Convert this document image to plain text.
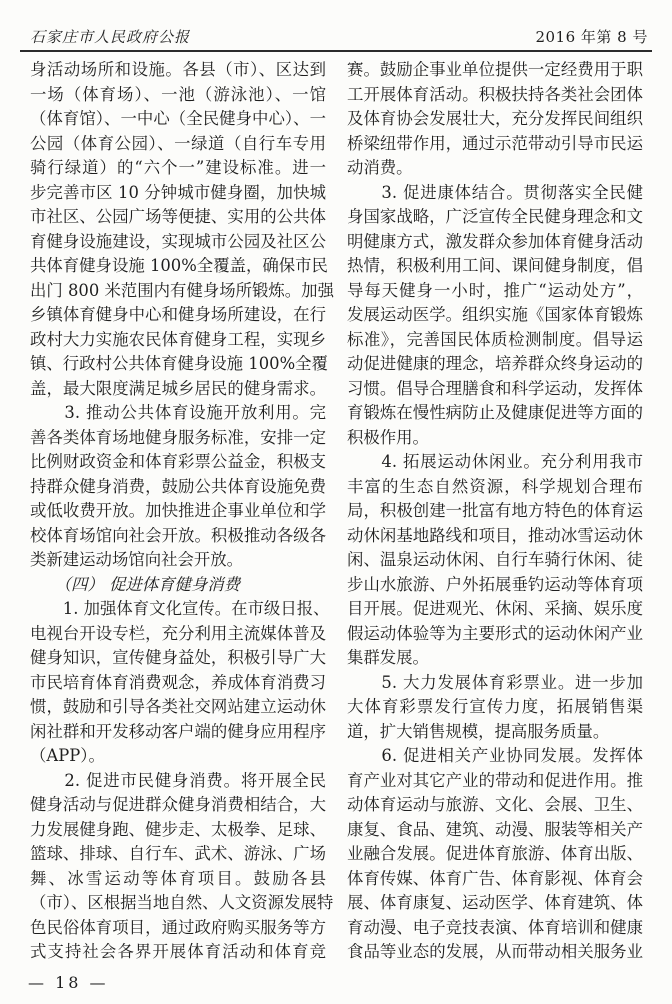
石家庄市人民政府公报	2016 年第 8 号
身活动场所和设施。各县（市）、区达到
一场（体育场）、一池（游泳池）、一馆
（体育馆）、一中心（全民健身中心）、一
公园（体育公园）、一绿道（自行车专用
骑行绿道）的“六个一”建设标准。进一
步完善市区 10 分钟城市健身圈，加快城
市社区、公园广场等便捷、实用的公共体
育健身设施建设，实现城市公园及社区公
共体育健身设施 100%全覆盖，确保市民
出门 800 米范围内有健身场所锻炼。加强
乡镇体育健身中心和健身场所建设，在行
政村大力实施农民体育健身工程，实现乡
镇、行政村公共体育健身设施 100%全覆
盖，最大限度满足城乡居民的健身需求。
　　3. 推动公共体育设施开放利用。完
善各类体育场地健身服务标准，安排一定
比例财政资金和体育彩票公益金，积极支
持群众健身消费，鼓励公共体育设施免费
或低收费开放。加快推进企事业单位和学
校体育场馆向社会开放。积极推动各级各
类新建运动场馆向社会开放。
　　（四） 促进体育健身消费
　　1. 加强体育文化宣传。在市级日报、
电视台开设专栏，充分利用主流媒体普及
健身知识，宣传健身益处，积极引导广大
市民培育体育消费观念，养成体育消费习
惯，鼓励和引导各类社交网站建立运动休
闲社群和开发移动客户端的健身应用程序
（APP）。
　　2. 促进市民健身消费。将开展全民
健身活动与促进群众健身消费相结合，大
力发展健身跑、健步走、太极拳、足球、
篮球、排球、自行车、武术、游泳、广场
舞、冰雪运动等体育项目。鼓励各县
（市）、区根据当地自然、人文资源发展特
色民俗体育项目，通过政府购买服务等方
式支持社会各界开展体育活动和体育竞
赛。鼓励企事业单位提供一定经费用于职
工开展体育活动。积极扶持各类社会团体
及体育协会发展壮大，充分发挥民间组织
桥梁纽带作用，通过示范带动引导市民运
动消费。
　　3. 促进康体结合。贯彻落实全民健
身国家战略，广泛宣传全民健身理念和文
明健康方式，激发群众参加体育健身活动
热情，积极利用工间、课间健身制度，倡
导每天健身一小时，推广“运动处方”，
发展运动医学。组织实施《国家体育锻炼
标准》，完善国民体质检测制度。倡导运
动促进健康的理念，培养群众终身运动的
习惯。倡导合理膳食和科学运动，发挥体
育锻炼在慢性病防止及健康促进等方面的
积极作用。
　　4. 拓展运动休闲业。充分利用我市
丰富的生态自然资源，科学规划合理布
局，积极创建一批富有地方特色的体育运
动休闲基地路线和项目，推动冰雪运动休
闲、温泉运动休闲、自行车骑行休闲、徒
步山水旅游、户外拓展垂钓运动等体育项
目开展。促进观光、休闲、采摘、娱乐度
假运动体验等为主要形式的运动休闲产业
集群发展。
　　5. 大力发展体育彩票业。进一步加
大体育彩票发行宣传力度，拓展销售渠
道，扩大销售规模，提高服务质量。
　　6. 促进相关产业协同发展。发挥体
育产业对其它产业的带动和促进作用。推
动体育运动与旅游、文化、会展、卫生、
康复、食品、建筑、动漫、服装等相关产
业融合发展。促进体育旅游、体育出版、
体育传媒、体育广告、体育影视、体育会
展、体育康复、运动医学、体育建筑、体
育动漫、电子竞技表演、体育培训和健康
食品等业态的发展，从而带动相关服务业
— 18 —
